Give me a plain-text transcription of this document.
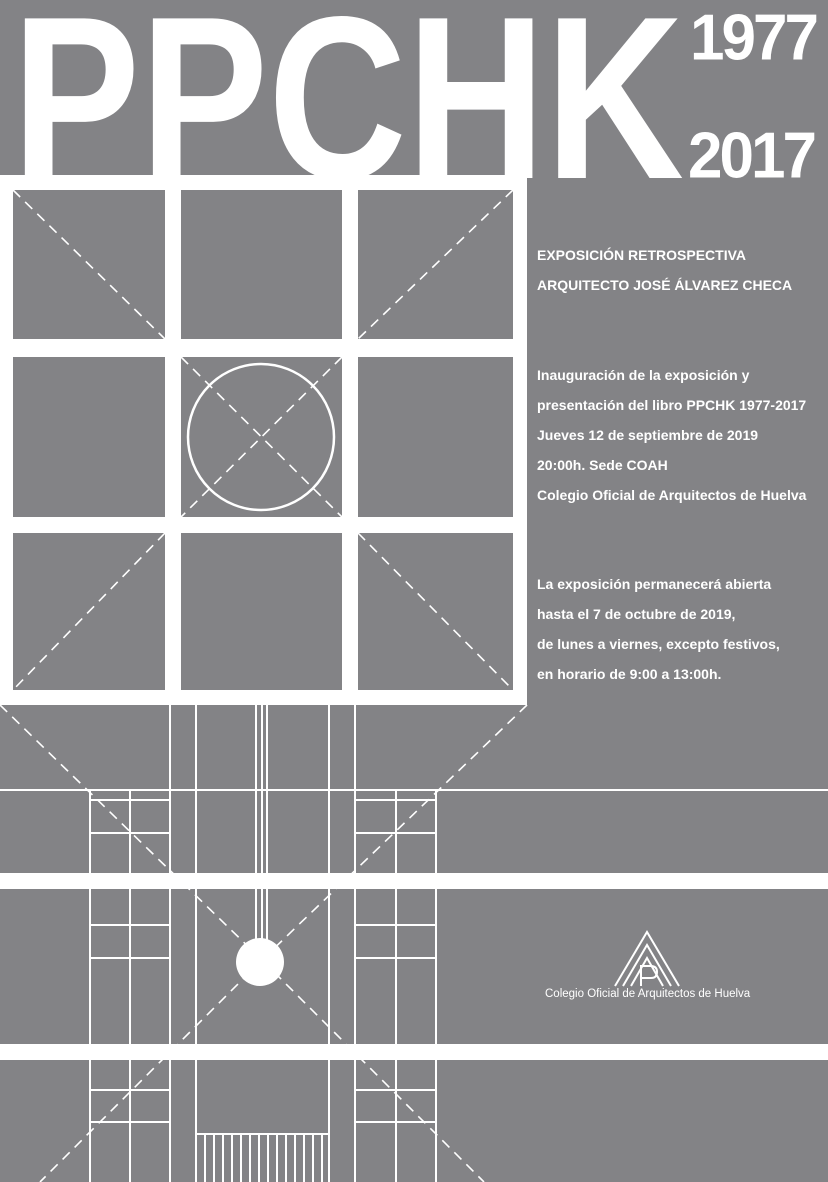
PPCHK 1977
2017
EXPOSICIÓN RETROSPECTIVA
ARQUITECTO JOSÉ ÁLVAREZ CHECA
Inauguración de la exposición y
presentación del libro PPCHK 1977-2017
Jueves 12 de septiembre de 2019
20:00h. Sede COAH
Colegio Oficial de Arquitectos de Huelva
La exposición permanecerá abierta
hasta el 7 de octubre de 2019,
de lunes a viernes, excepto festivos,
en horario de 9:00 a 13:00h.
Colegio Oficial de Arquitectos de Huelva
